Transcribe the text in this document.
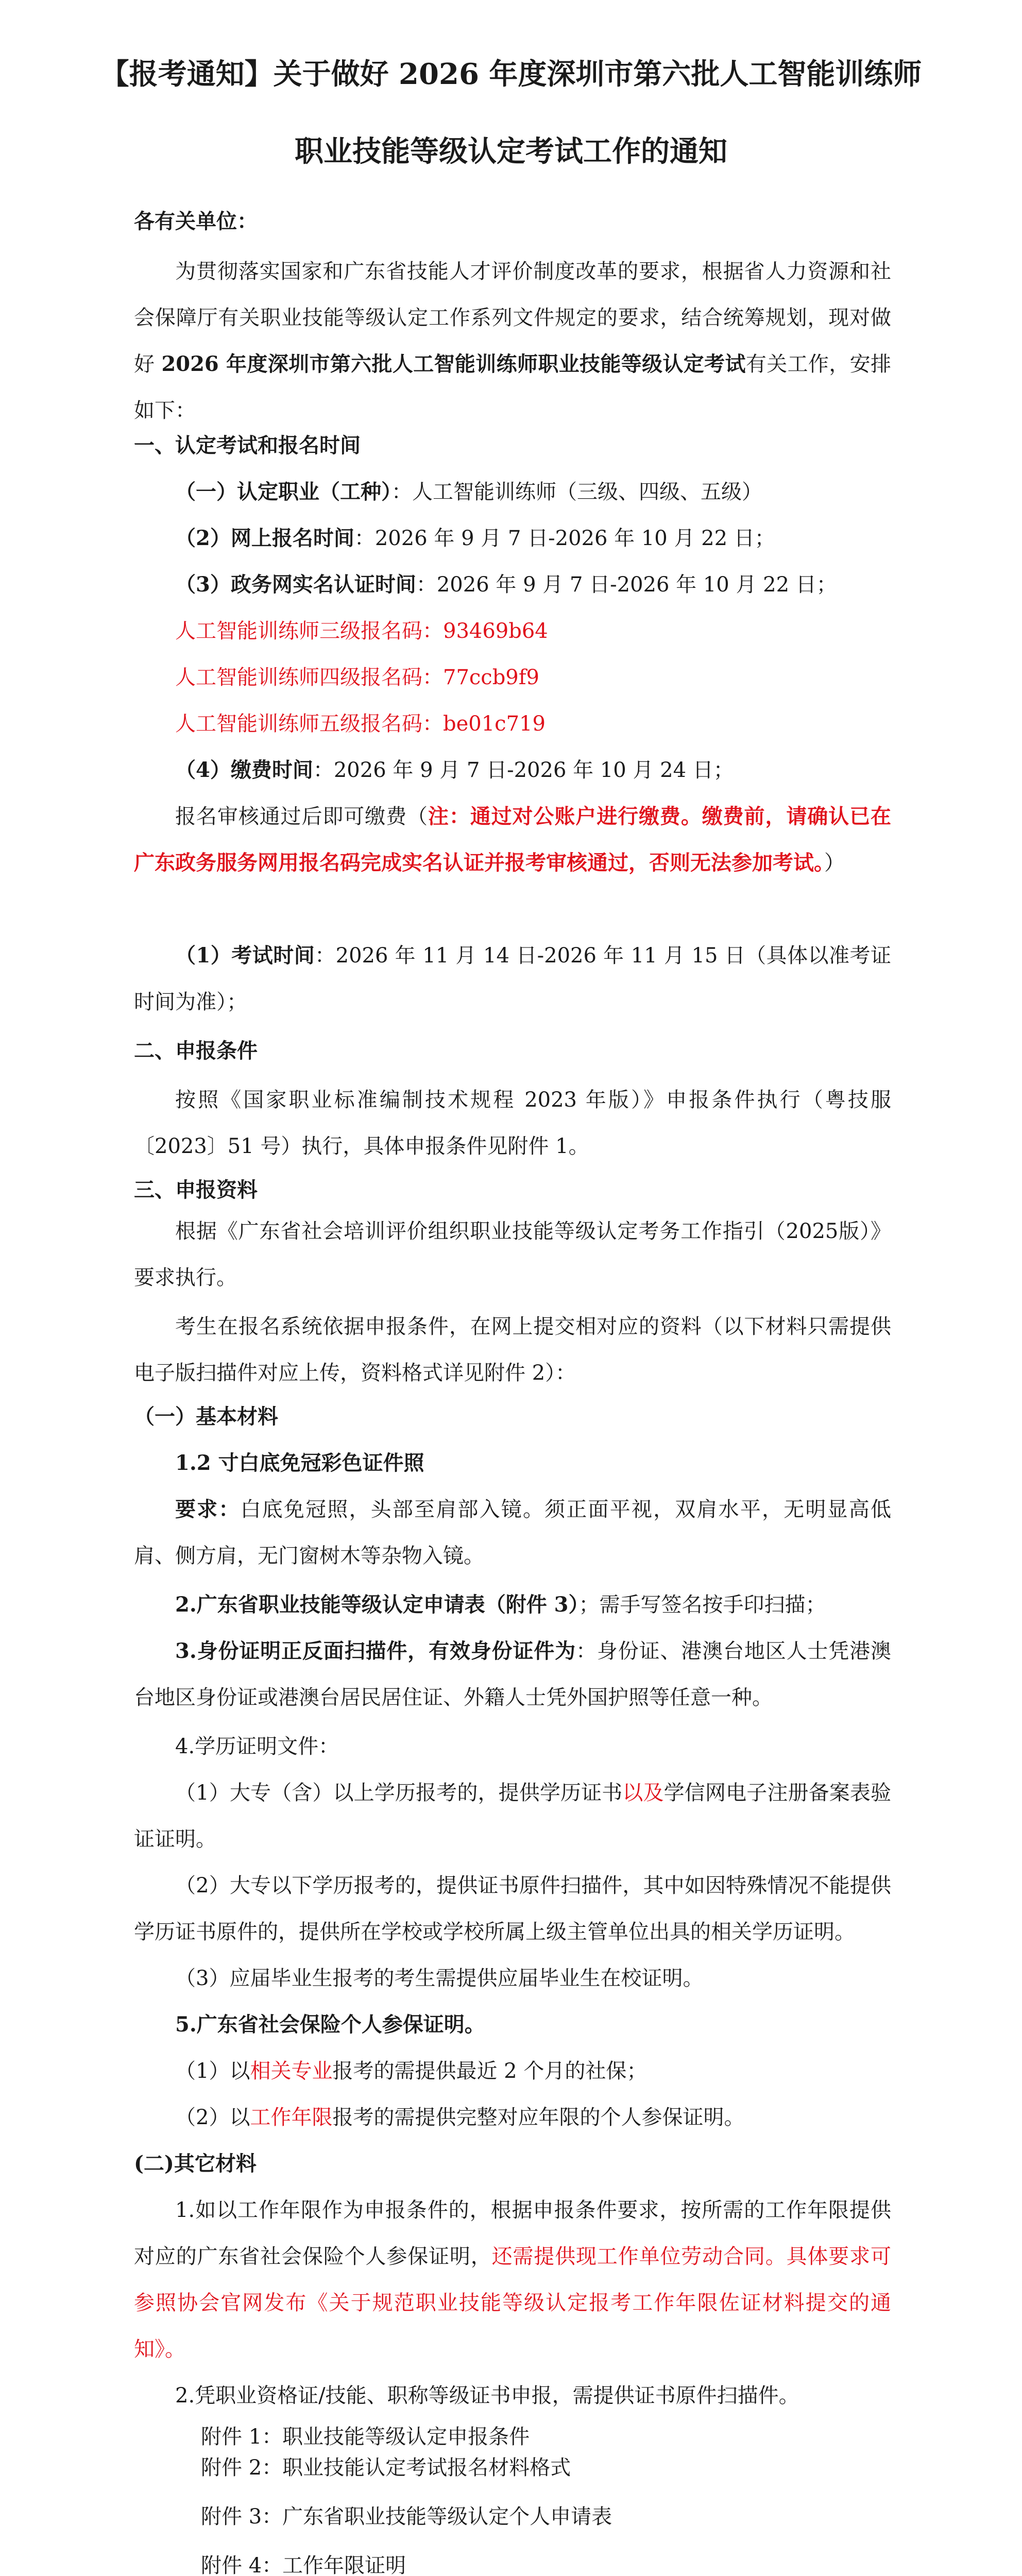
【报考通知】关于做好 2026 年度深圳市第六批人工智能训练师
职业技能等级认定考试工作的通知
各有关单位：
为贯彻落实国家和广东省技能人才评价制度改革的要求，根据省人力资源和社会保障厅有关职业技能等级认定工作系列文件规定的要求，结合统筹规划，现对做好 2026 年度深圳市第六批人工智能训练师职业技能等级认定考试有关工作，安排如下：
一、认定考试和报名时间
（一）认定职业（工种）：人工智能训练师（三级、四级、五级）
（2）网上报名时间：2026 年 9 月 7 日-2026 年 10 月 22 日；
（3）政务网实名认证时间：2026 年 9 月 7 日-2026 年 10 月 22 日；
人工智能训练师三级报名码：93469b64
人工智能训练师四级报名码：77ccb9f9
人工智能训练师五级报名码：be01c719
（4）缴费时间：2026 年 9 月 7 日-2026 年 10 月 24 日；
报名审核通过后即可缴费（注：通过对公账户进行缴费。缴费前，请确认已在广东政务服务网用报名码完成实名认证并报考审核通过，否则无法参加考试。）
（1）考试时间：2026 年 11 月 14 日-2026 年 11 月 15 日（具体以准考证时间为准）；
二、申报条件
按照《国家职业标准编制技术规程 2023 年版）》申报条件执行（粤技服〔2023〕51 号）执行，具体申报条件见附件 1。
三、申报资料
根据《广东省社会培训评价组织职业技能等级认定考务工作指引（2025版）》要求执行。
考生在报名系统依据申报条件，在网上提交相对应的资料（以下材料只需提供电子版扫描件对应上传，资料格式详见附件 2）：
（一）基本材料
1.2 寸白底免冠彩色证件照
要求：白底免冠照，头部至肩部入镜。须正面平视，双肩水平，无明显高低肩、侧方肩，无门窗树木等杂物入镜。
2.广东省职业技能等级认定申请表（附件 3）；需手写签名按手印扫描；
3.身份证明正反面扫描件，有效身份证件为：身份证、港澳台地区人士凭港澳台地区身份证或港澳台居民居住证、外籍人士凭外国护照等任意一种。
4.学历证明文件：
（1）大专（含）以上学历报考的，提供学历证书以及学信网电子注册备案表验证证明。
（2）大专以下学历报考的，提供证书原件扫描件，其中如因特殊情况不能提供学历证书原件的，提供所在学校或学校所属上级主管单位出具的相关学历证明。
（3）应届毕业生报考的考生需提供应届毕业生在校证明。
5.广东省社会保险个人参保证明。
（1）以相关专业报考的需提供最近 2 个月的社保；
（2）以工作年限报考的需提供完整对应年限的个人参保证明。
(二)其它材料
1.如以工作年限作为申报条件的，根据申报条件要求，按所需的工作年限提供对应的广东省社会保险个人参保证明，还需提供现工作单位劳动合同。具体要求可参照协会官网发布《关于规范职业技能等级认定报考工作年限佐证材料提交的通知》。
2.凭职业资格证/技能、职称等级证书申报，需提供证书原件扫描件。
附件 1：职业技能等级认定申报条件
附件 2：职业技能认定考试报名材料格式
附件 3：广东省职业技能等级认定个人申请表
附件 4：工作年限证明
